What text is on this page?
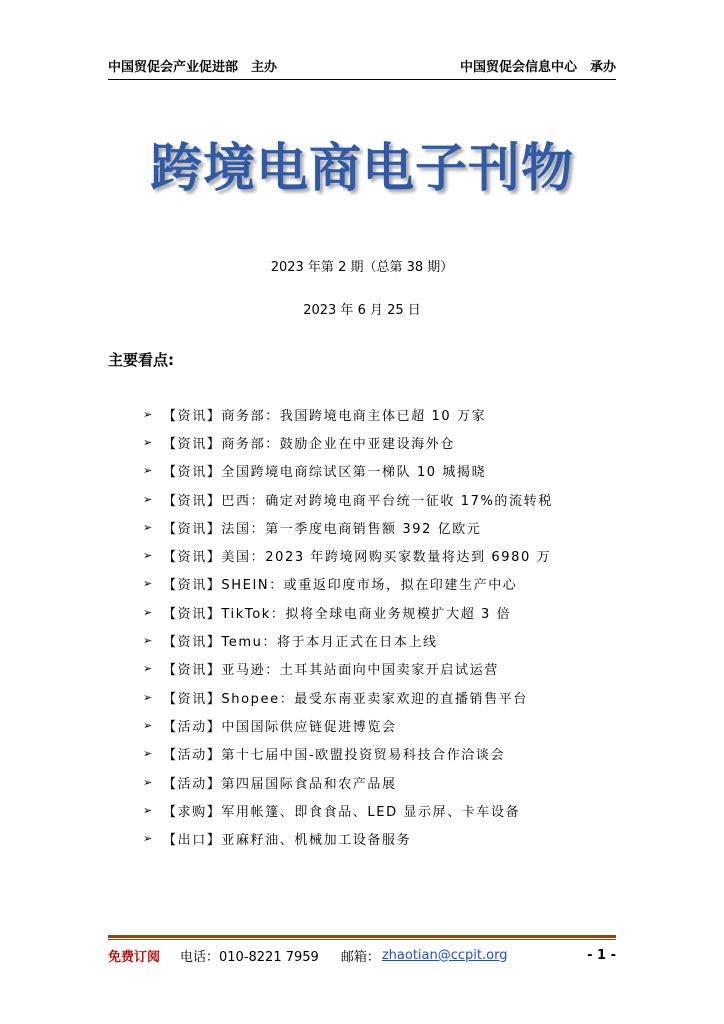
中国贸促会产业促进部　主办	中国贸促会信息中心　承办
跨境电商电子刊物
2023 年第 2 期（总第 38 期）
2023 年 6 月 25 日
主要看点:
➢ 【资讯】 商务部：我国跨境电商主体已超 10 万家
➢ 【资讯】 商务部：鼓励企业在中亚建设海外仓
➢ 【资讯】 全国跨境电商综试区第一梯队 10 城揭晓
➢ 【资讯】 巴西：确定对跨境电商平台统一征收 17%的流转税
➢ 【资讯】 法国：第一季度电商销售额 392 亿欧元
➢ 【资讯】 美国：2023 年跨境网购买家数量将达到 6980 万
➢ 【资讯】 SHEIN：或重返印度市场，拟在印建生产中心
➢ 【资讯】 TikTok：拟将全球电商业务规模扩大超 3 倍
➢ 【资讯】 Temu：将于本月正式在日本上线
➢ 【资讯】 亚马逊：土耳其站面向中国卖家开启试运营
➢ 【资讯】 Shopee：最受东南亚卖家欢迎的直播销售平台
➢ 【活动】 中国国际供应链促进博览会
➢ 【活动】 第十七届中国-欧盟投资贸易科技合作洽谈会
➢ 【活动】 第四届国际食品和农产品展
➢ 【求购】 军用帐篷、即食食品、LED 显示屏、卡车设备
➢ 【出口】 亚麻籽油、机械加工设备服务
免费订阅 电话：010-8221 7959 邮箱： zhaotian@ccpit.org	- 1 -
